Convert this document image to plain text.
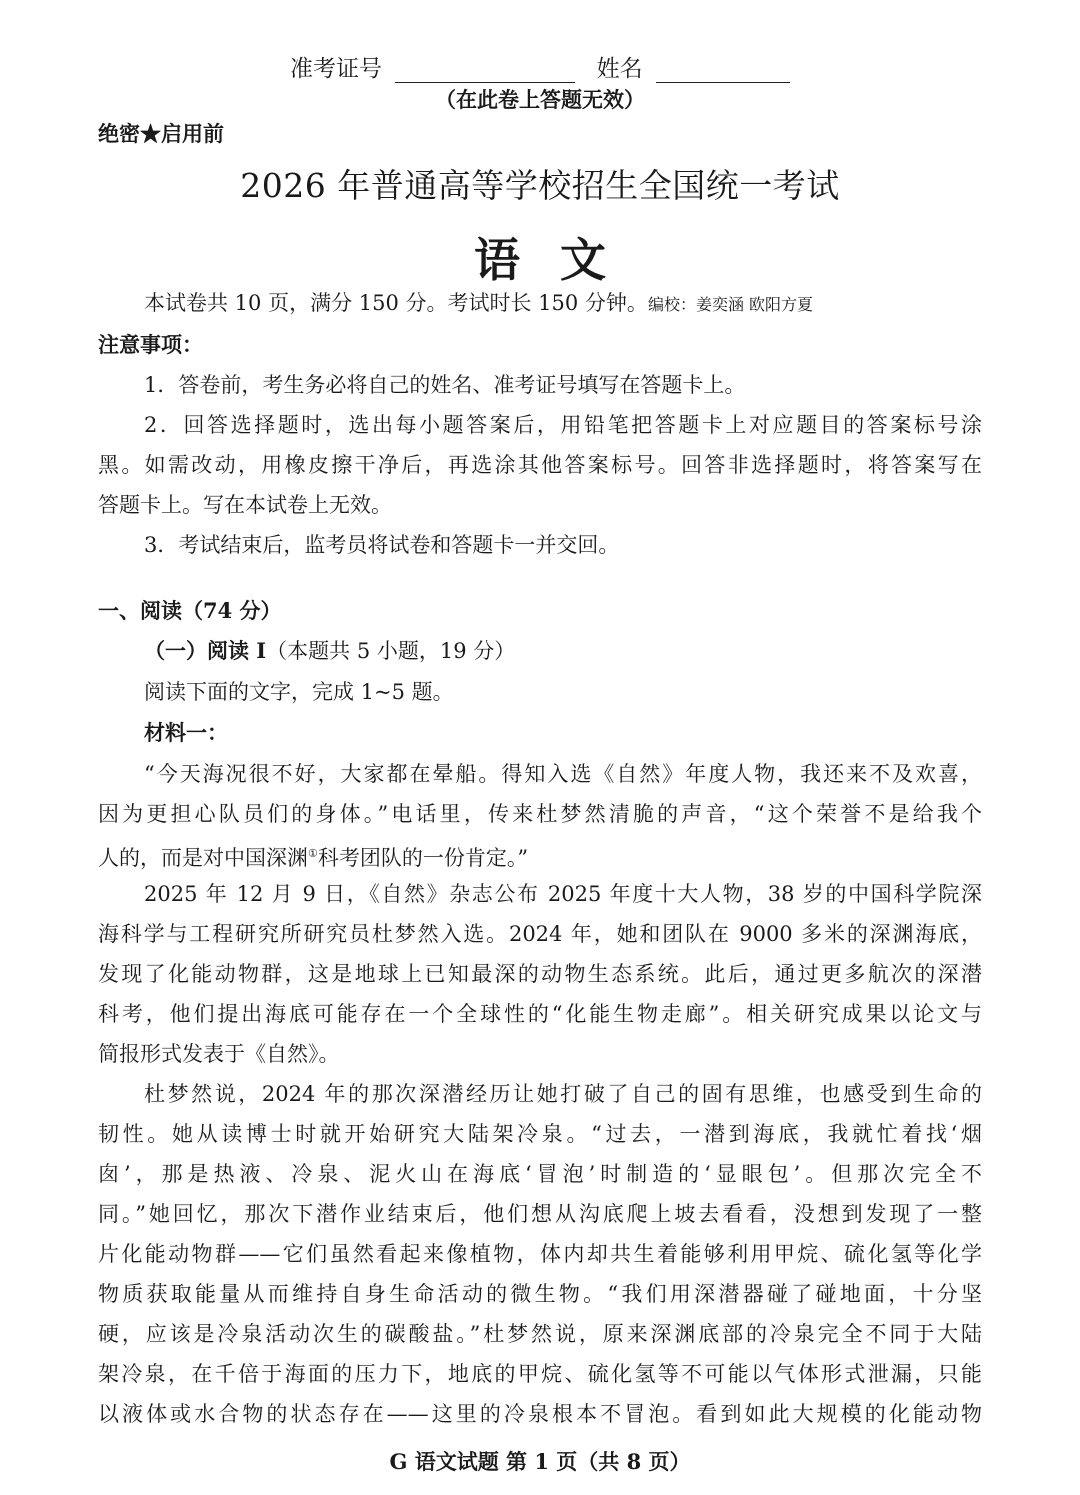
准考证号	姓名
（在此卷上答题无效）
绝密★启用前
2026 年普通高等学校招生全国统一考试
语文
本试卷共 10 页，满分 150 分。考试时长 150 分钟。编校：姜奕涵 欧阳方夏
注意事项：
1．答卷前，考生务必将自己的姓名、准考证号填写在答题卡上。
2．回答选择题时，选出每小题答案后，用铅笔把答题卡上对应题目的答案标号涂
黑。如需改动，用橡皮擦干净后，再选涂其他答案标号。回答非选择题时，将答案写在
答题卡上。写在本试卷上无效。
3．考试结束后，监考员将试卷和答题卡一并交回。
一、阅读（74 分）
（一）阅读 I（本题共 5 小题，19 分）
阅读下面的文字，完成 1~5 题。
材料一：
“今天海况很不好，大家都在晕船。得知入选《自然》年度人物，我还来不及欢喜，
因为更担心队员们的身体。”电话里，传来杜梦然清脆的声音，“这个荣誉不是给我个
人的，而是对中国深渊①科考团队的一份肯定。”
2025 年 12 月 9 日，《自然》杂志公布 2025 年度十大人物，38 岁的中国科学院深
海科学与工程研究所研究员杜梦然入选。2024 年，她和团队在 9000 多米的深渊海底，
发现了化能动物群，这是地球上已知最深的动物生态系统。此后，通过更多航次的深潜
科考，他们提出海底可能存在一个全球性的“化能生物走廊”。相关研究成果以论文与
简报形式发表于《自然》。
杜梦然说，2024 年的那次深潜经历让她打破了自己的固有思维，也感受到生命的
韧性。她从读博士时就开始研究大陆架冷泉。“过去，一潜到海底，我就忙着找‘烟
囱’，那是热液、冷泉、泥火山在海底‘冒泡’时制造的‘显眼包’。但那次完全不
同。”她回忆，那次下潜作业结束后，他们想从沟底爬上坡去看看，没想到发现了一整
片化能动物群——它们虽然看起来像植物，体内却共生着能够利用甲烷、硫化氢等化学
物质获取能量从而维持自身生命活动的微生物。“我们用深潜器碰了碰地面，十分坚
硬，应该是冷泉活动次生的碳酸盐。”杜梦然说，原来深渊底部的冷泉完全不同于大陆
架冷泉，在千倍于海面的压力下，地底的甲烷、硫化氢等不可能以气体形式泄漏，只能
以液体或水合物的状态存在——这里的冷泉根本不冒泡。看到如此大规模的化能动物
G 语文试题 第 1 页（共 8 页）
